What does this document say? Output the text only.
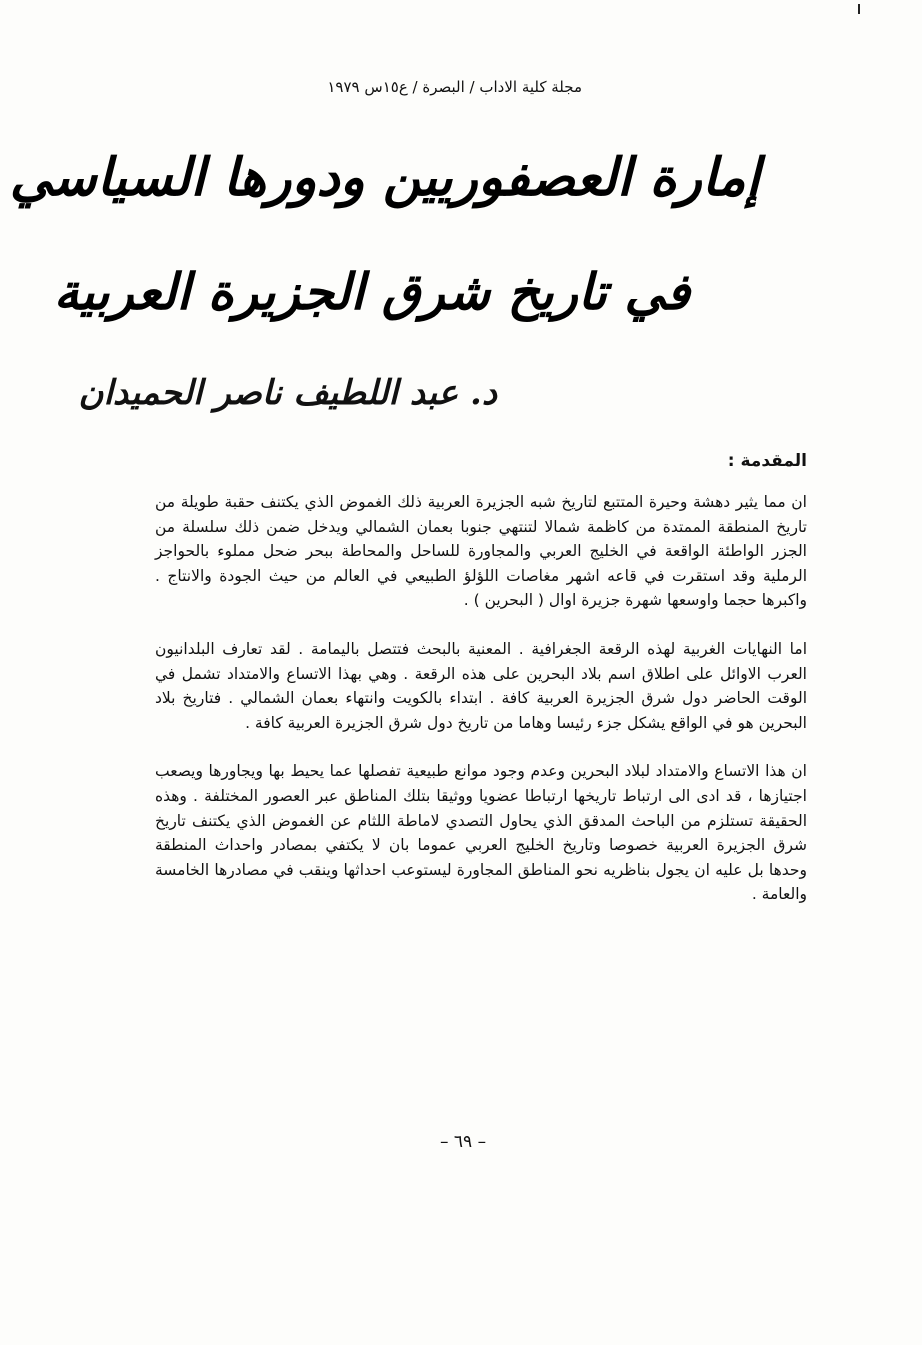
مجلة كلية الاداب / البصرة / ع١٥س ١٩٧٩
إمارة العصفوريين ودورها السياسي
في تاريخ شرق الجزيرة العربية
د. عبد اللطيف ناصر الحميدان
المقدمة :

ان مما يثير دهشة وحيرة المتتبع لتاريخ شبه الجزيرة العربية ذلك الغموض الذي يكتنف حقبة طويلة من تاريخ المنطقة الممتدة من كاظمة شمالا لتنتهي جنوبا بعمان الشمالي ويدخل ضمن ذلك سلسلة من الجزر الواطئة الواقعة في الخليج العربي والمجاورة للساحل والمحاطة ببحر ضحل مملوء بالحواجز الرملية وقد استقرت في قاعه اشهر مغاصات اللؤلؤ الطبيعي في العالم من حيث الجودة والانتاج . واكبرها حجما واوسعها شهرة جزيرة اوال ( البحرين ) .

اما النهايات الغربية لهذه الرقعة الجغرافية . المعنية بالبحث فتتصل باليمامة . لقد تعارف البلدانيون العرب الاوائل على اطلاق اسم بلاد البحرين على هذه الرقعة . وهي بهذا الاتساع والامتداد تشمل في الوقت الحاضر دول شرق الجزيرة العربية كافة . ابتداء بالكويت وانتهاء بعمان الشمالي . فتاريخ بلاد البحرين هو في الواقع يشكل جزء رئيسا وهاما من تاريخ دول شرق الجزيرة العربية كافة .

ان هذا الاتساع والامتداد لبلاد البحرين وعدم وجود موانع طبيعية تفصلها عما يحيط بها ويجاورها ويصعب اجتيازها ، قد ادى الى ارتباط تاريخها ارتباطا عضويا ووثيقا بتلك المناطق عبر العصور المختلفة . وهذه الحقيقة تستلزم من الباحث المدقق الذي يحاول التصدي لاماطة اللثام عن الغموض الذي يكتنف تاريخ شرق الجزيرة العربية خصوصا وتاريخ الخليج العربي عموما بان لا يكتفي بمصادر واحداث المنطقة وحدها بل عليه ان يجول بناظريه نحو المناطق المجاورة ليستوعب احداثها وينقب في مصادرها الخامسة والعامة .

– ٦٩ –
